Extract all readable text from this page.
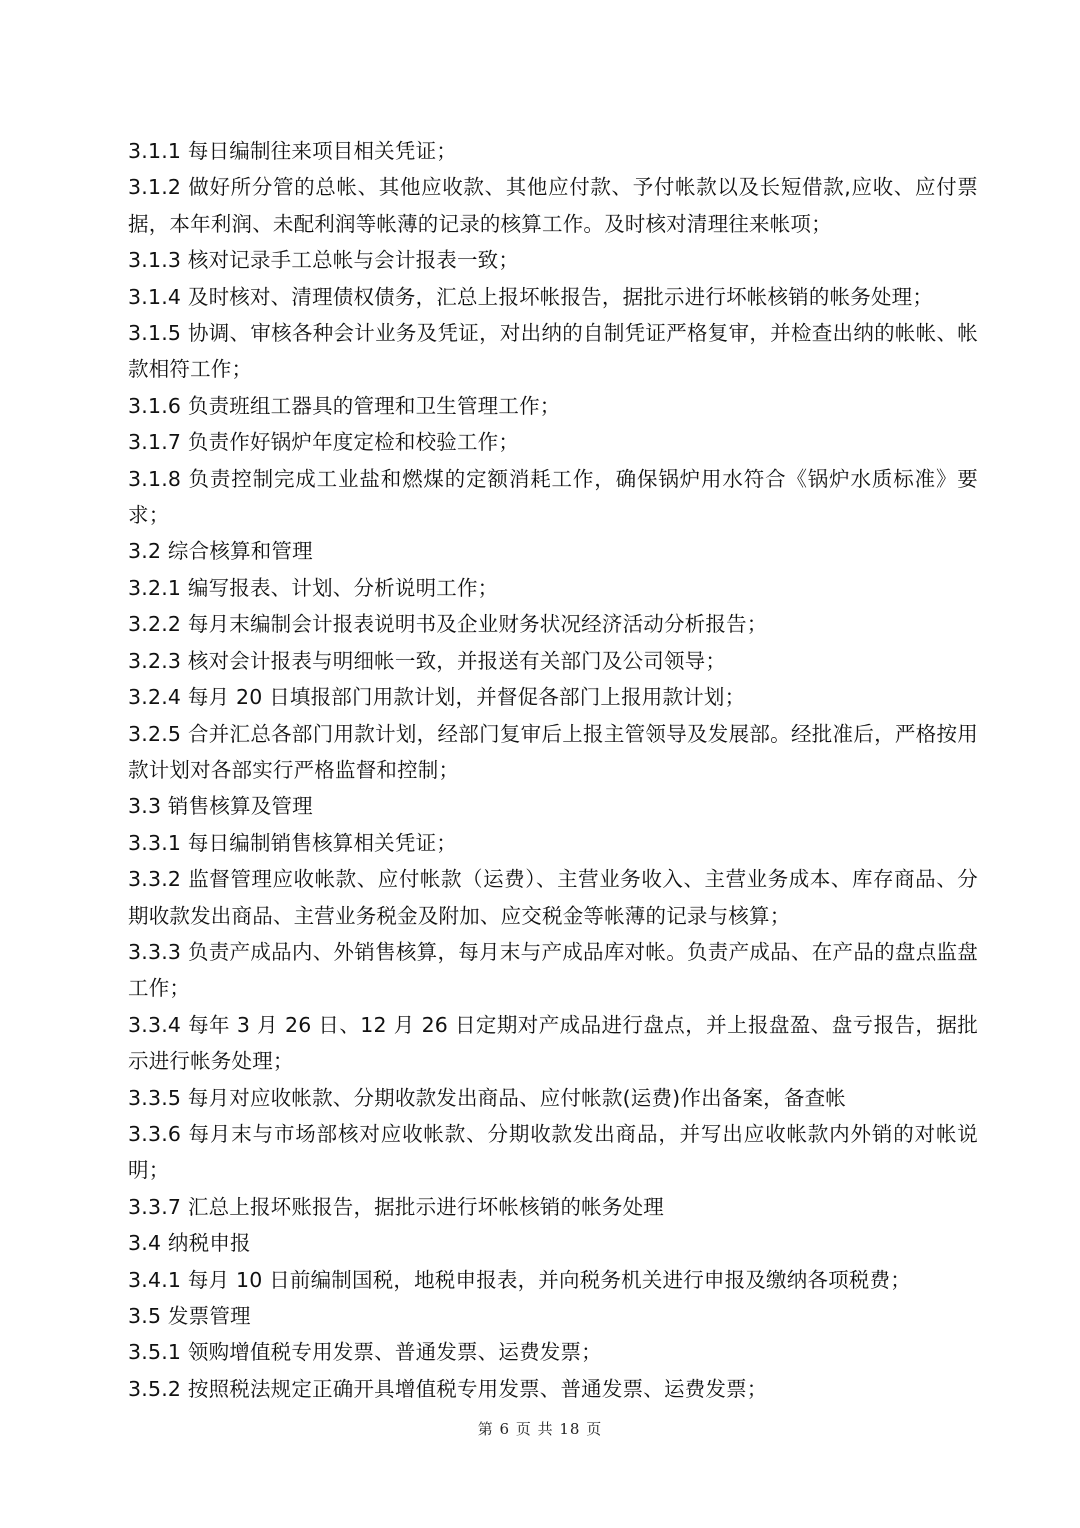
3.1.1 每日编制往来项目相关凭证；

3.1.2 做好所分管的总帐、其他应收款、其他应付款、予付帐款以及长短借款,应收、应付票据，本年利润、未配利润等帐薄的记录的核算工作。及时核对清理往来帐项；

3.1.3 核对记录手工总帐与会计报表一致；

3.1.4 及时核对、清理债权债务，汇总上报坏帐报告，据批示进行坏帐核销的帐务处理；

3.1.5 协调、审核各种会计业务及凭证，对出纳的自制凭证严格复审，并检查出纳的帐帐、帐款相符工作；

3.1.6 负责班组工器具的管理和卫生管理工作；

3.1.7 负责作好锅炉年度定检和校验工作；

3.1.8 负责控制完成工业盐和燃煤的定额消耗工作，确保锅炉用水符合《锅炉水质标准》要求；

3.2 综合核算和管理

3.2.1 编写报表、计划、分析说明工作；

3.2.2 每月末编制会计报表说明书及企业财务状况经济活动分析报告；

3.2.3 核对会计报表与明细帐一致，并报送有关部门及公司领导；

3.2.4 每月 20 日填报部门用款计划，并督促各部门上报用款计划；

3.2.5 合并汇总各部门用款计划，经部门复审后上报主管领导及发展部。经批准后，严格按用款计划对各部实行严格监督和控制；

3.3 销售核算及管理

3.3.1 每日编制销售核算相关凭证；

3.3.2 监督管理应收帐款、应付帐款（运费）、主营业务收入、主营业务成本、库存商品、分期收款发出商品、主营业务税金及附加、应交税金等帐薄的记录与核算；

3.3.3 负责产成品内、外销售核算，每月末与产成品库对帐。负责产成品、在产品的盘点监盘工作；

3.3.4 每年 3 月 26 日、12 月 26 日定期对产成品进行盘点，并上报盘盈、盘亏报告，据批示进行帐务处理；

3.3.5 每月对应收帐款、分期收款发出商品、应付帐款(运费)作出备案，备查帐

3.3.6 每月末与市场部核对应收帐款、分期收款发出商品，并写出应收帐款内外销的对帐说明；

3.3.7 汇总上报坏账报告，据批示进行坏帐核销的帐务处理

3.4 纳税申报

3.4.1 每月 10 日前编制国税，地税申报表，并向税务机关进行申报及缴纳各项税费；

3.5 发票管理

3.5.1 领购增值税专用发票、普通发票、运费发票；

3.5.2 按照税法规定正确开具增值税专用发票、普通发票、运费发票；

第 6 页 共 18 页
